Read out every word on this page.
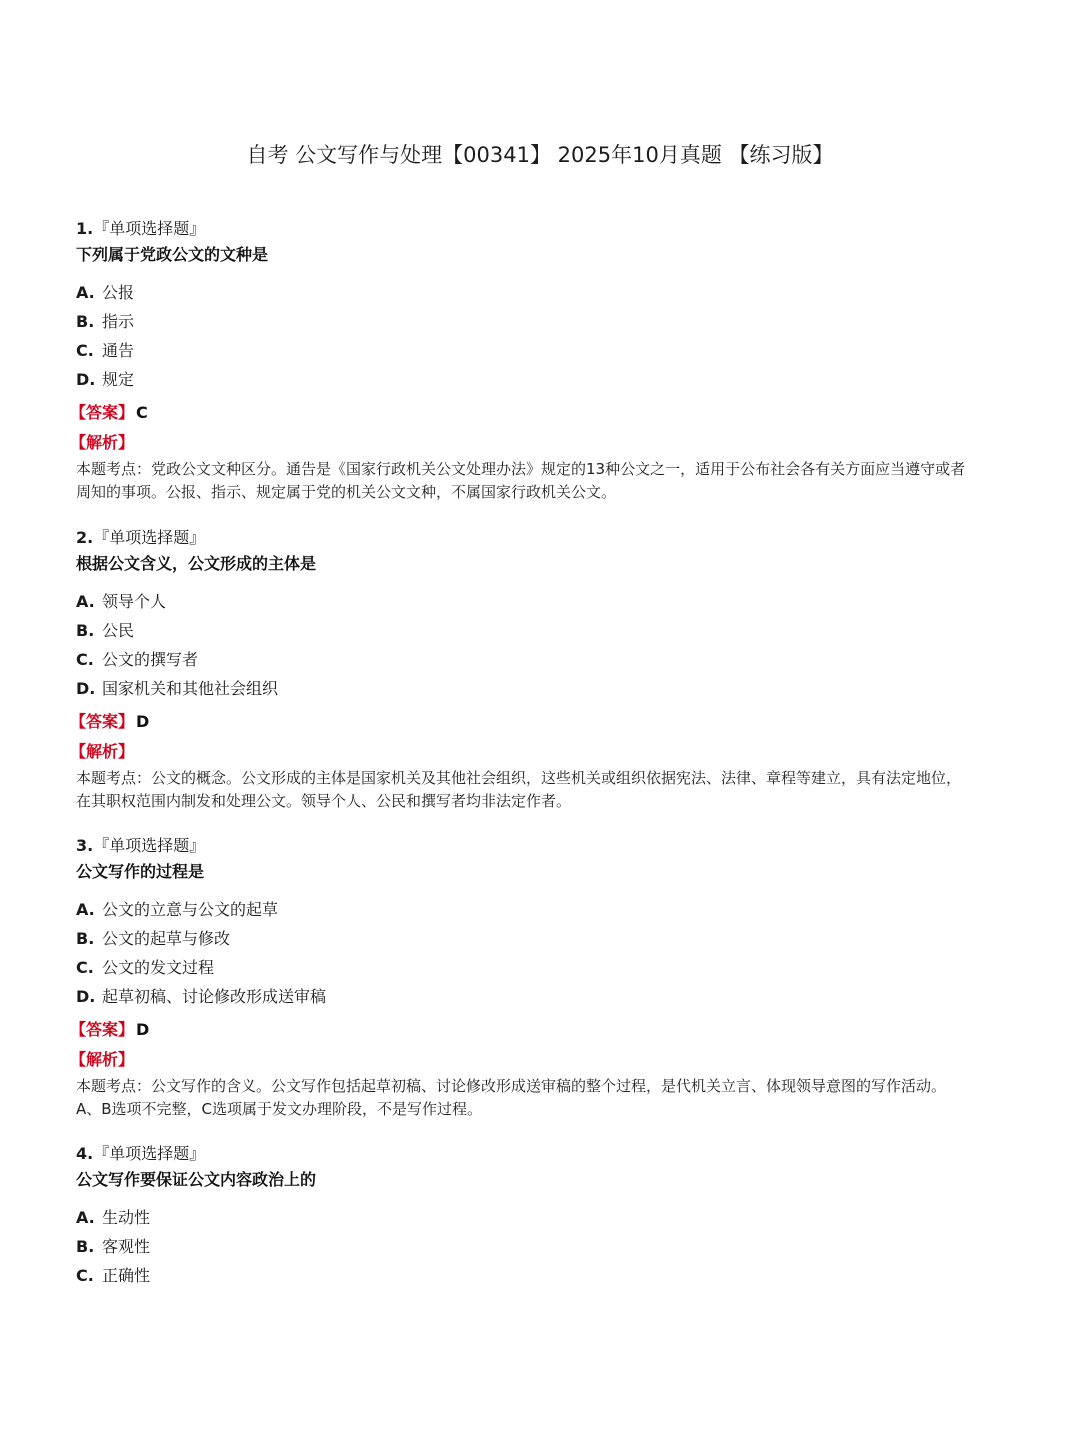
自考 公文写作与处理【00341】 2025年10月真题 【练习版】
1.『单项选择题』
下列属于党政公文的文种是
A. 公报
B. 指示
C. 通告
D. 规定
【答案】 C
【解析】
本题考点：党政公文文种区分。通告是《国家行政机关公文处理办法》规定的13种公文之一，适用于公布社会各有关方面应当遵守或者周知的事项。公报、指示、规定属于党的机关公文文种，不属国家行政机关公文。
2.『单项选择题』
根据公文含义，公文形成的主体是
A. 领导个人
B. 公民
C. 公文的撰写者
D. 国家机关和其他社会组织
【答案】 D
【解析】
本题考点：公文的概念。公文形成的主体是国家机关及其他社会组织，这些机关或组织依据宪法、法律、章程等建立，具有法定地位，在其职权范围内制发和处理公文。领导个人、公民和撰写者均非法定作者。
3.『单项选择题』
公文写作的过程是
A. 公文的立意与公文的起草
B. 公文的起草与修改
C. 公文的发文过程
D. 起草初稿、讨论修改形成送审稿
【答案】 D
【解析】
本题考点：公文写作的含义。公文写作包括起草初稿、讨论修改形成送审稿的整个过程，是代机关立言、体现领导意图的写作活动。A、B选项不完整，C选项属于发文办理阶段，不是写作过程。
4.『单项选择题』
公文写作要保证公文内容政治上的
A. 生动性
B. 客观性
C. 正确性
